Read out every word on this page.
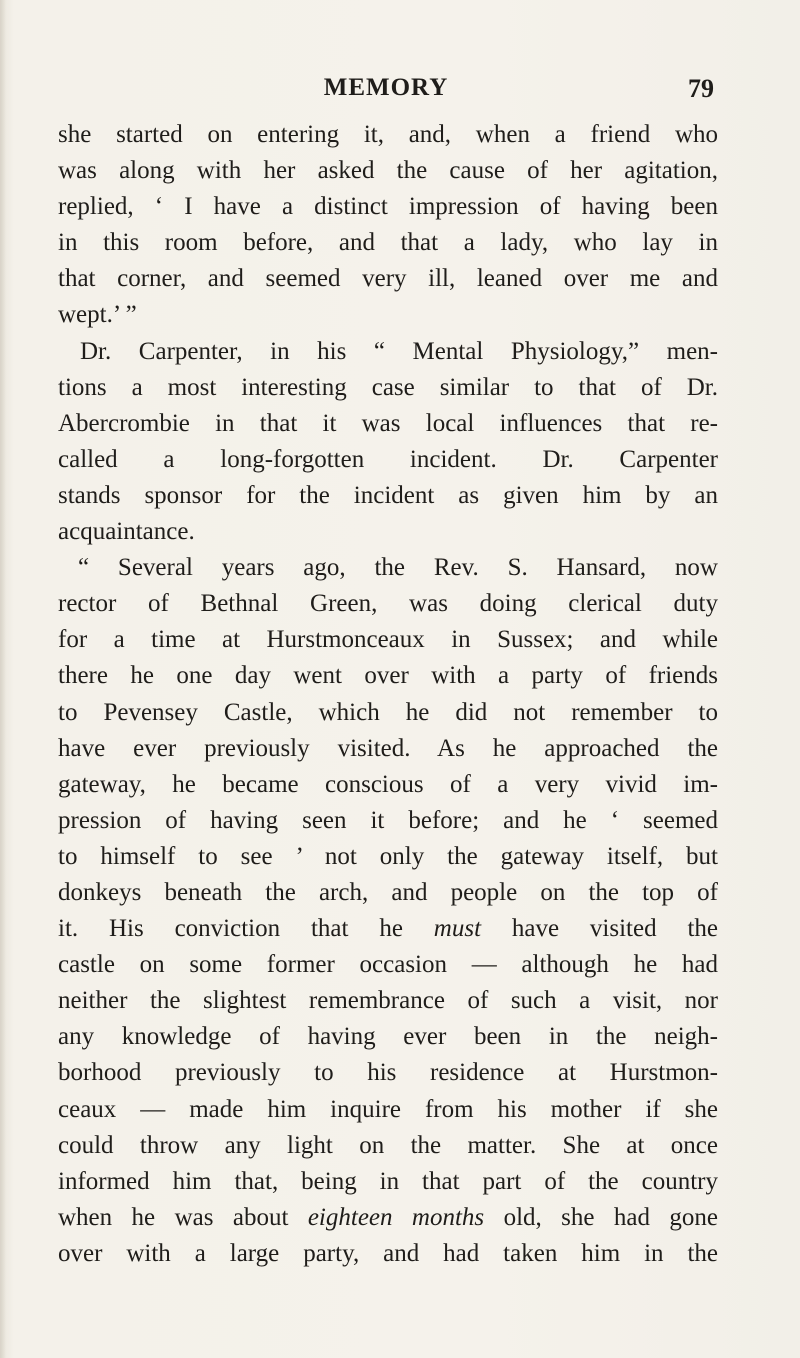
MEMORY	79
she started on entering it, and, when a friend who
was along with her asked the cause of her agitation,
replied, ‘ I have a distinct impression of having been
in this room before, and that a lady, who lay in
that corner, and seemed very ill, leaned over me and
wept.’ ”
Dr. Carpenter, in his “ Mental Physiology,” men-
tions a most interesting case similar to that of Dr.
Abercrombie in that it was local influences that re-
called a long-forgotten incident. Dr. Carpenter
stands sponsor for the incident as given him by an
acquaintance.
“ Several years ago, the Rev. S. Hansard, now
rector of Bethnal Green, was doing clerical duty
for a time at Hurstmonceaux in Sussex; and while
there he one day went over with a party of friends
to Pevensey Castle, which he did not remember to
have ever previously visited. As he approached the
gateway, he became conscious of a very vivid im-
pression of having seen it before; and he ‘ seemed
to himself to see ’ not only the gateway itself, but
donkeys beneath the arch, and people on the top of
it. His conviction that he must have visited the
castle on some former occasion — although he had
neither the slightest remembrance of such a visit, nor
any knowledge of having ever been in the neigh-
borhood previously to his residence at Hurstmon-
ceaux — made him inquire from his mother if she
could throw any light on the matter. She at once
informed him that, being in that part of the country
when he was about eighteen months old, she had gone
over with a large party, and had taken him in the
